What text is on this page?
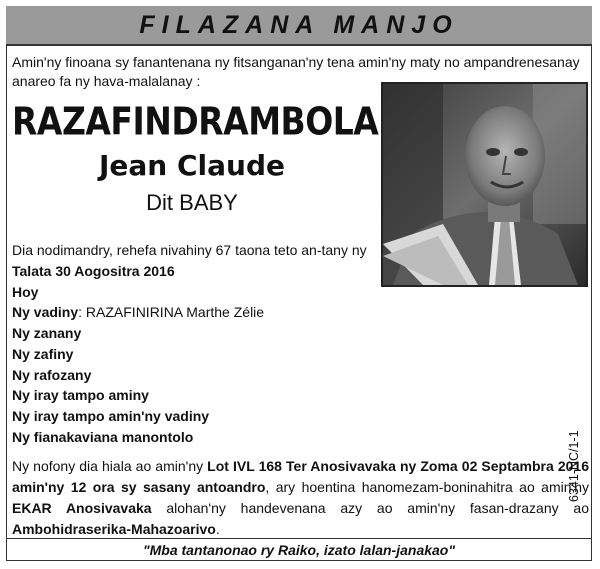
FILAZANA MANJO
Amin'ny finoana sy fanantenana ny fitsanganan'ny tena amin'ny maty no ampandrenesanay anareo fa ny hava-malalanay :
RAZAFINDRAMBOLA
Jean Claude
Dit BABY
Dia nodimandry, rehefa nivahiny 67 taona teto an-tany ny
Talata 30 Aogositra 2016
Hoy
Ny vadiny: RAZAFINIRINA Marthe Zélie
Ny zanany
Ny zafiny
Ny rafozany
Ny iray tampo aminy
Ny iray tampo amin'ny vadiny
Ny fianakaviana manontolo	6341-NC/1-1
Ny nofony dia hiala ao amin'ny Lot IVL 168 Ter Anosivavaka ny Zoma 02 Septambra 2016 amin'ny 12 ora sy sasany antoandro, ary hoentina hanomezam-boninahitra ao amin'ny EKAR Anosivavaka alohan'ny handevenana azy ao amin'ny fasan-drazany ao Ambohidraserika-Mahazoarivo.
"Mba tantanonao ry Raiko, izato lalan-janakao"
